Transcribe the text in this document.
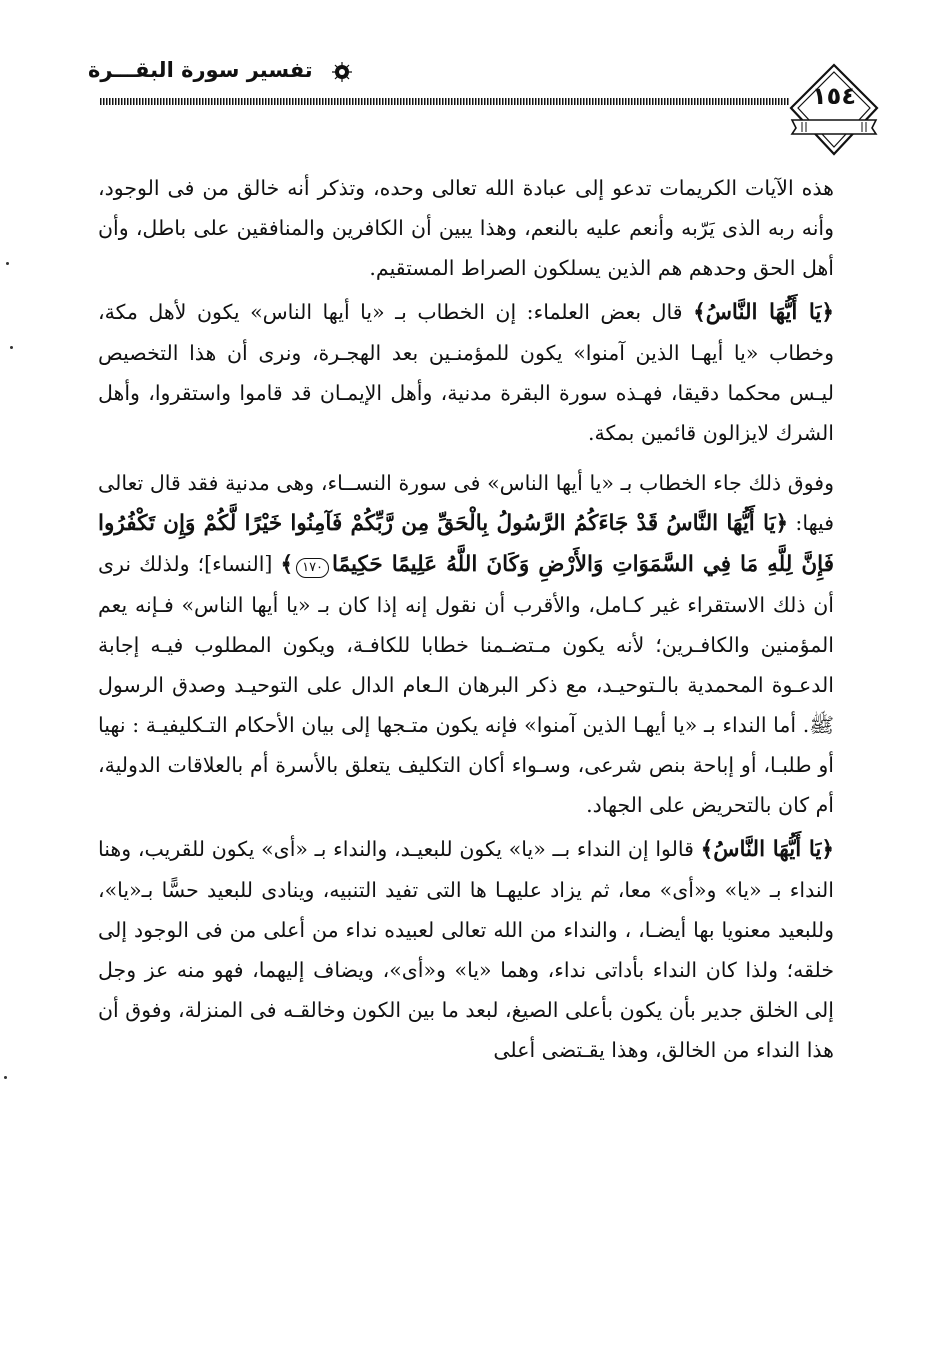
تفسير سورة البقـــرة
١٥٤

هذه الآيات الكريمات تدعو إلى عبادة الله تعالى وحده، وتذكر أنه خالق من فى الوجود، وأنه ربه الذى يَرّبه وأنعم عليه بالنعم، وهذا يبين أن الكافرين والمنافقين على باطل، وأن أهل الحق وحدهم هم الذين يسلكون الصراط المستقيم.

﴿يَا أَيُّهَا النَّاسُ﴾ قال بعض العلماء: إن الخطاب بـ «يا أيها الناس» يكون لأهل مكة، وخطاب «يا أيهـا الذين آمنوا» يكون للمؤمنـين بعد الهجـرة، ونرى أن هذا التخصيص ليـس محكما دقيقا، فهـذه سورة البقرة مدنية، وأهل الإيمـان قد قاموا واستقروا، وأهل الشرك لايزالون قائمين بمكة.

وفوق ذلك جاء الخطاب بـ «يا أيها الناس» فى سورة النســاء، وهى مدنية فقد قال تعالى فيها: ﴿يَا أَيُّهَا النَّاسُ قَدْ جَاءَكُمُ الرَّسُولُ بِالْحَقِّ مِن رَّبِّكُمْ فَآمِنُوا خَيْرًا لَّكُمْ وَإِن تَكْفُرُوا فَإِنَّ لِلَّهِ مَا فِي السَّمَوَاتِ وَالأَرْضِ وَكَانَ اللَّهُ عَلِيمًا حَكِيمًا١٧٠﴾ [النساء]؛ ولذلك نرى أن ذلك الاستقراء غير كـامل، والأقرب أن نقول إنه إذا كان بـ «يا أيها الناس» فـإنه يعم المؤمنين والكافـرين؛ لأنه يكون مـتضـمنا خطابا للكافـة، ويكون المطلوب فيـه إجابة الدعـوة المحمدية بالـتوحيـد، مع ذكر البرهان الـعام الدال على التوحيـد وصدق الرسول ﷺ. أما النداء بـ «يا أيهـا الذين آمنوا» فإنه يكون متـجها إلى بيان الأحكام التـكليفيـة : نهيا أو طلبـا، أو إباحة بنص شرعى، وسـواء أكان التكليف يتعلق بالأسرة أم بالعلاقات الدولية، أم كان بالتحريض على الجهاد.

﴿يَا أَيُّهَا النَّاسُ﴾ قالوا إن النداء بــ «يا» يكون للبعيـد، والنداء بـ «أى» يكون للقريب، وهنا النداء بـ «يا» و«أى» معا، ثم يزاد عليهـا ها التى تفيد التنبيه، وينادى للبعيد حسًّا بـ«يا»، وللبعيد معنويا بها أيضـا، ، والنداء من الله تعالى لعبيده نداء من أعلى من فى الوجود إلى خلقه؛ ولذا كان النداء بأداتى نداء، وهما «يا» و«أى»، ويضاف إليهما، فهو منه عز وجل إلى الخلق جدير بأن يكون بأعلى الصيغ، لبعد ما بين الكون وخالقـه فى المنزلة، وفوق أن هذا النداء من الخالق، وهذا يقـتضى أعلى
